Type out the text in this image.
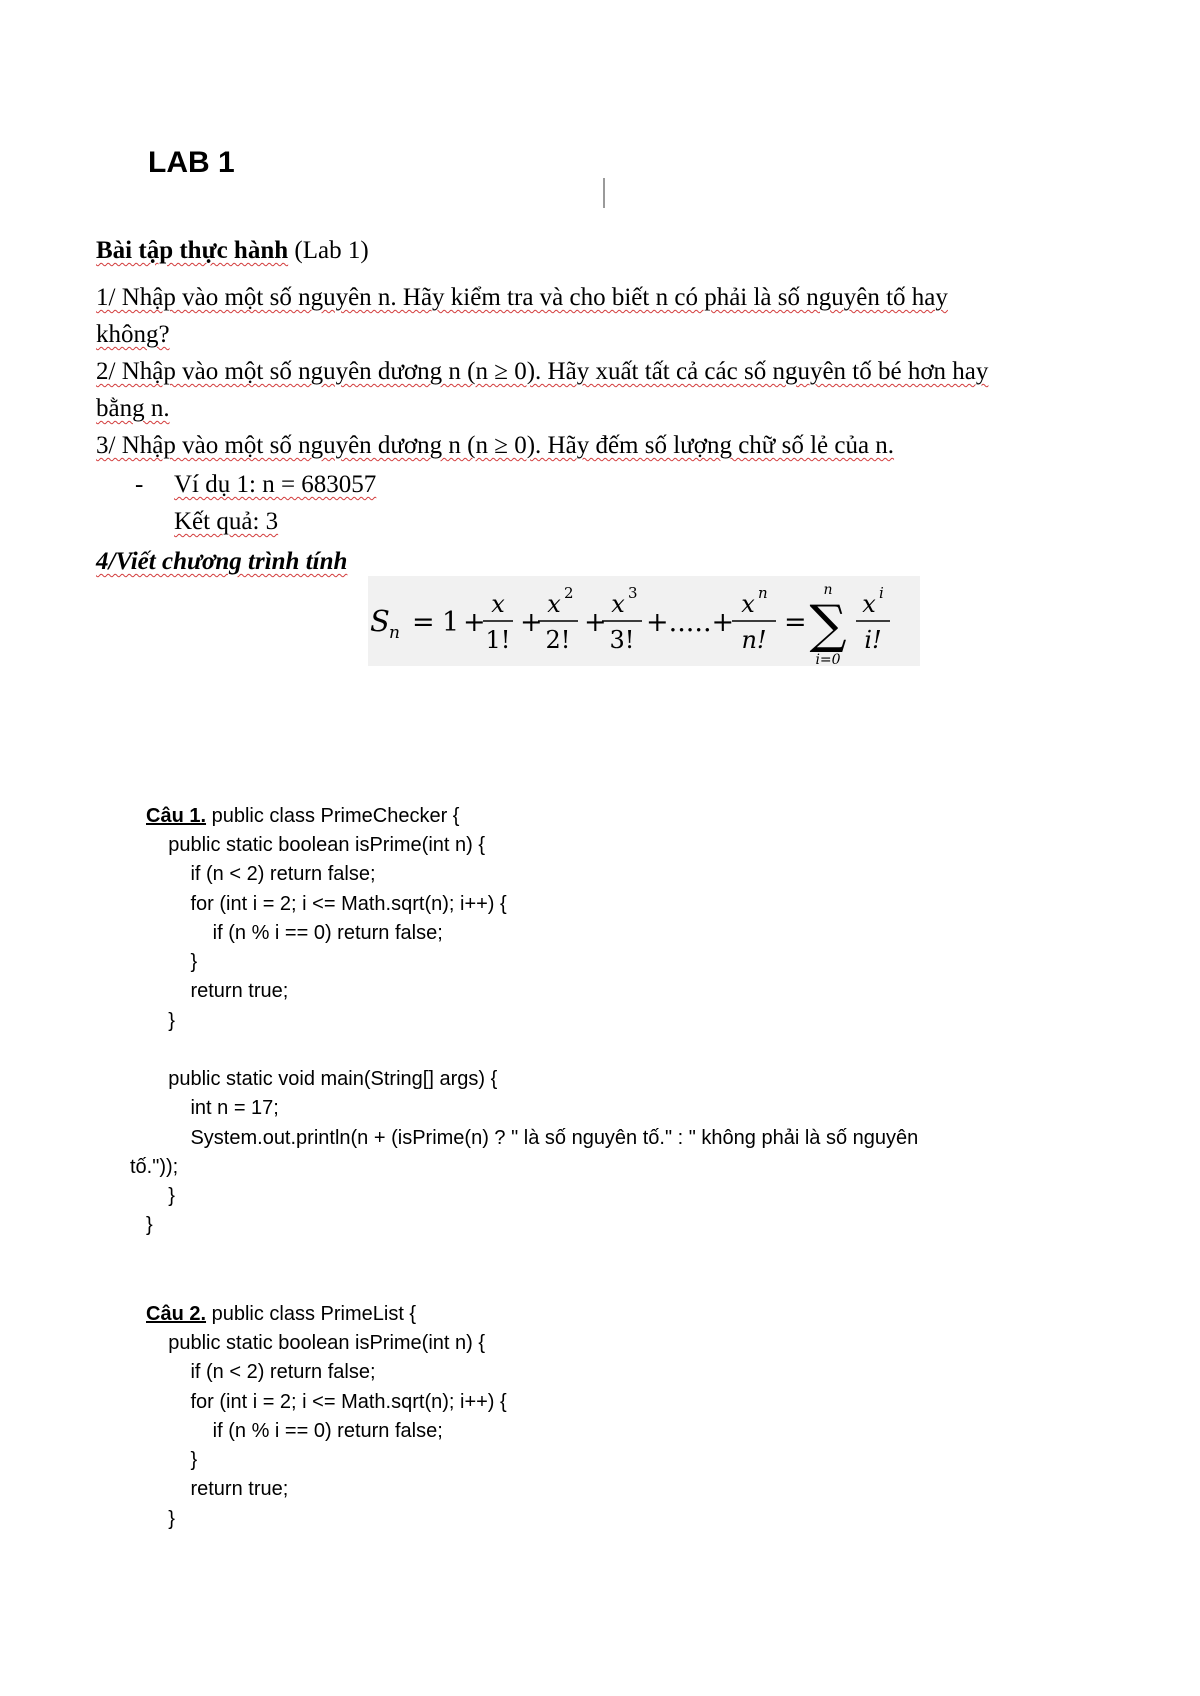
LAB 1
Bài tập thực hành (Lab 1)
1/ Nhập vào một số nguyên n. Hãy kiểm tra và cho biết n có phải là số nguyên tố hay
không?
2/ Nhập vào một số nguyên dương n (n ≥ 0). Hãy xuất tất cả các số nguyên tố bé hơn hay
bằng n.
3/ Nhập vào một số nguyên dương n (n ≥ 0). Hãy đếm số lượng chữ số lẻ của n.
- Ví dụ 1: n = 683057
Kết quả: 3
4/Viết chương trình tính
S n = 1 +
x
1!
+
x 2
2!
+
x 3
3!
+.....+
x n
n!
=
n
∑
i=0
x i
i!
Câu 1. public class PrimeChecker {
public static boolean isPrime(int n) {
if (n < 2) return false;
for (int i = 2; i <= Math.sqrt(n); i++) {
if (n % i == 0) return false;
}
return true;
}
public static void main(String[] args) {
int n = 17;
System.out.println(n + (isPrime(n) ? " là số nguyên tố." : " không phải là số nguyên
tố."));
}
}
Câu 2. public class PrimeList {
public static boolean isPrime(int n) {
if (n < 2) return false;
for (int i = 2; i <= Math.sqrt(n); i++) {
if (n % i == 0) return false;
}
return true;
}
